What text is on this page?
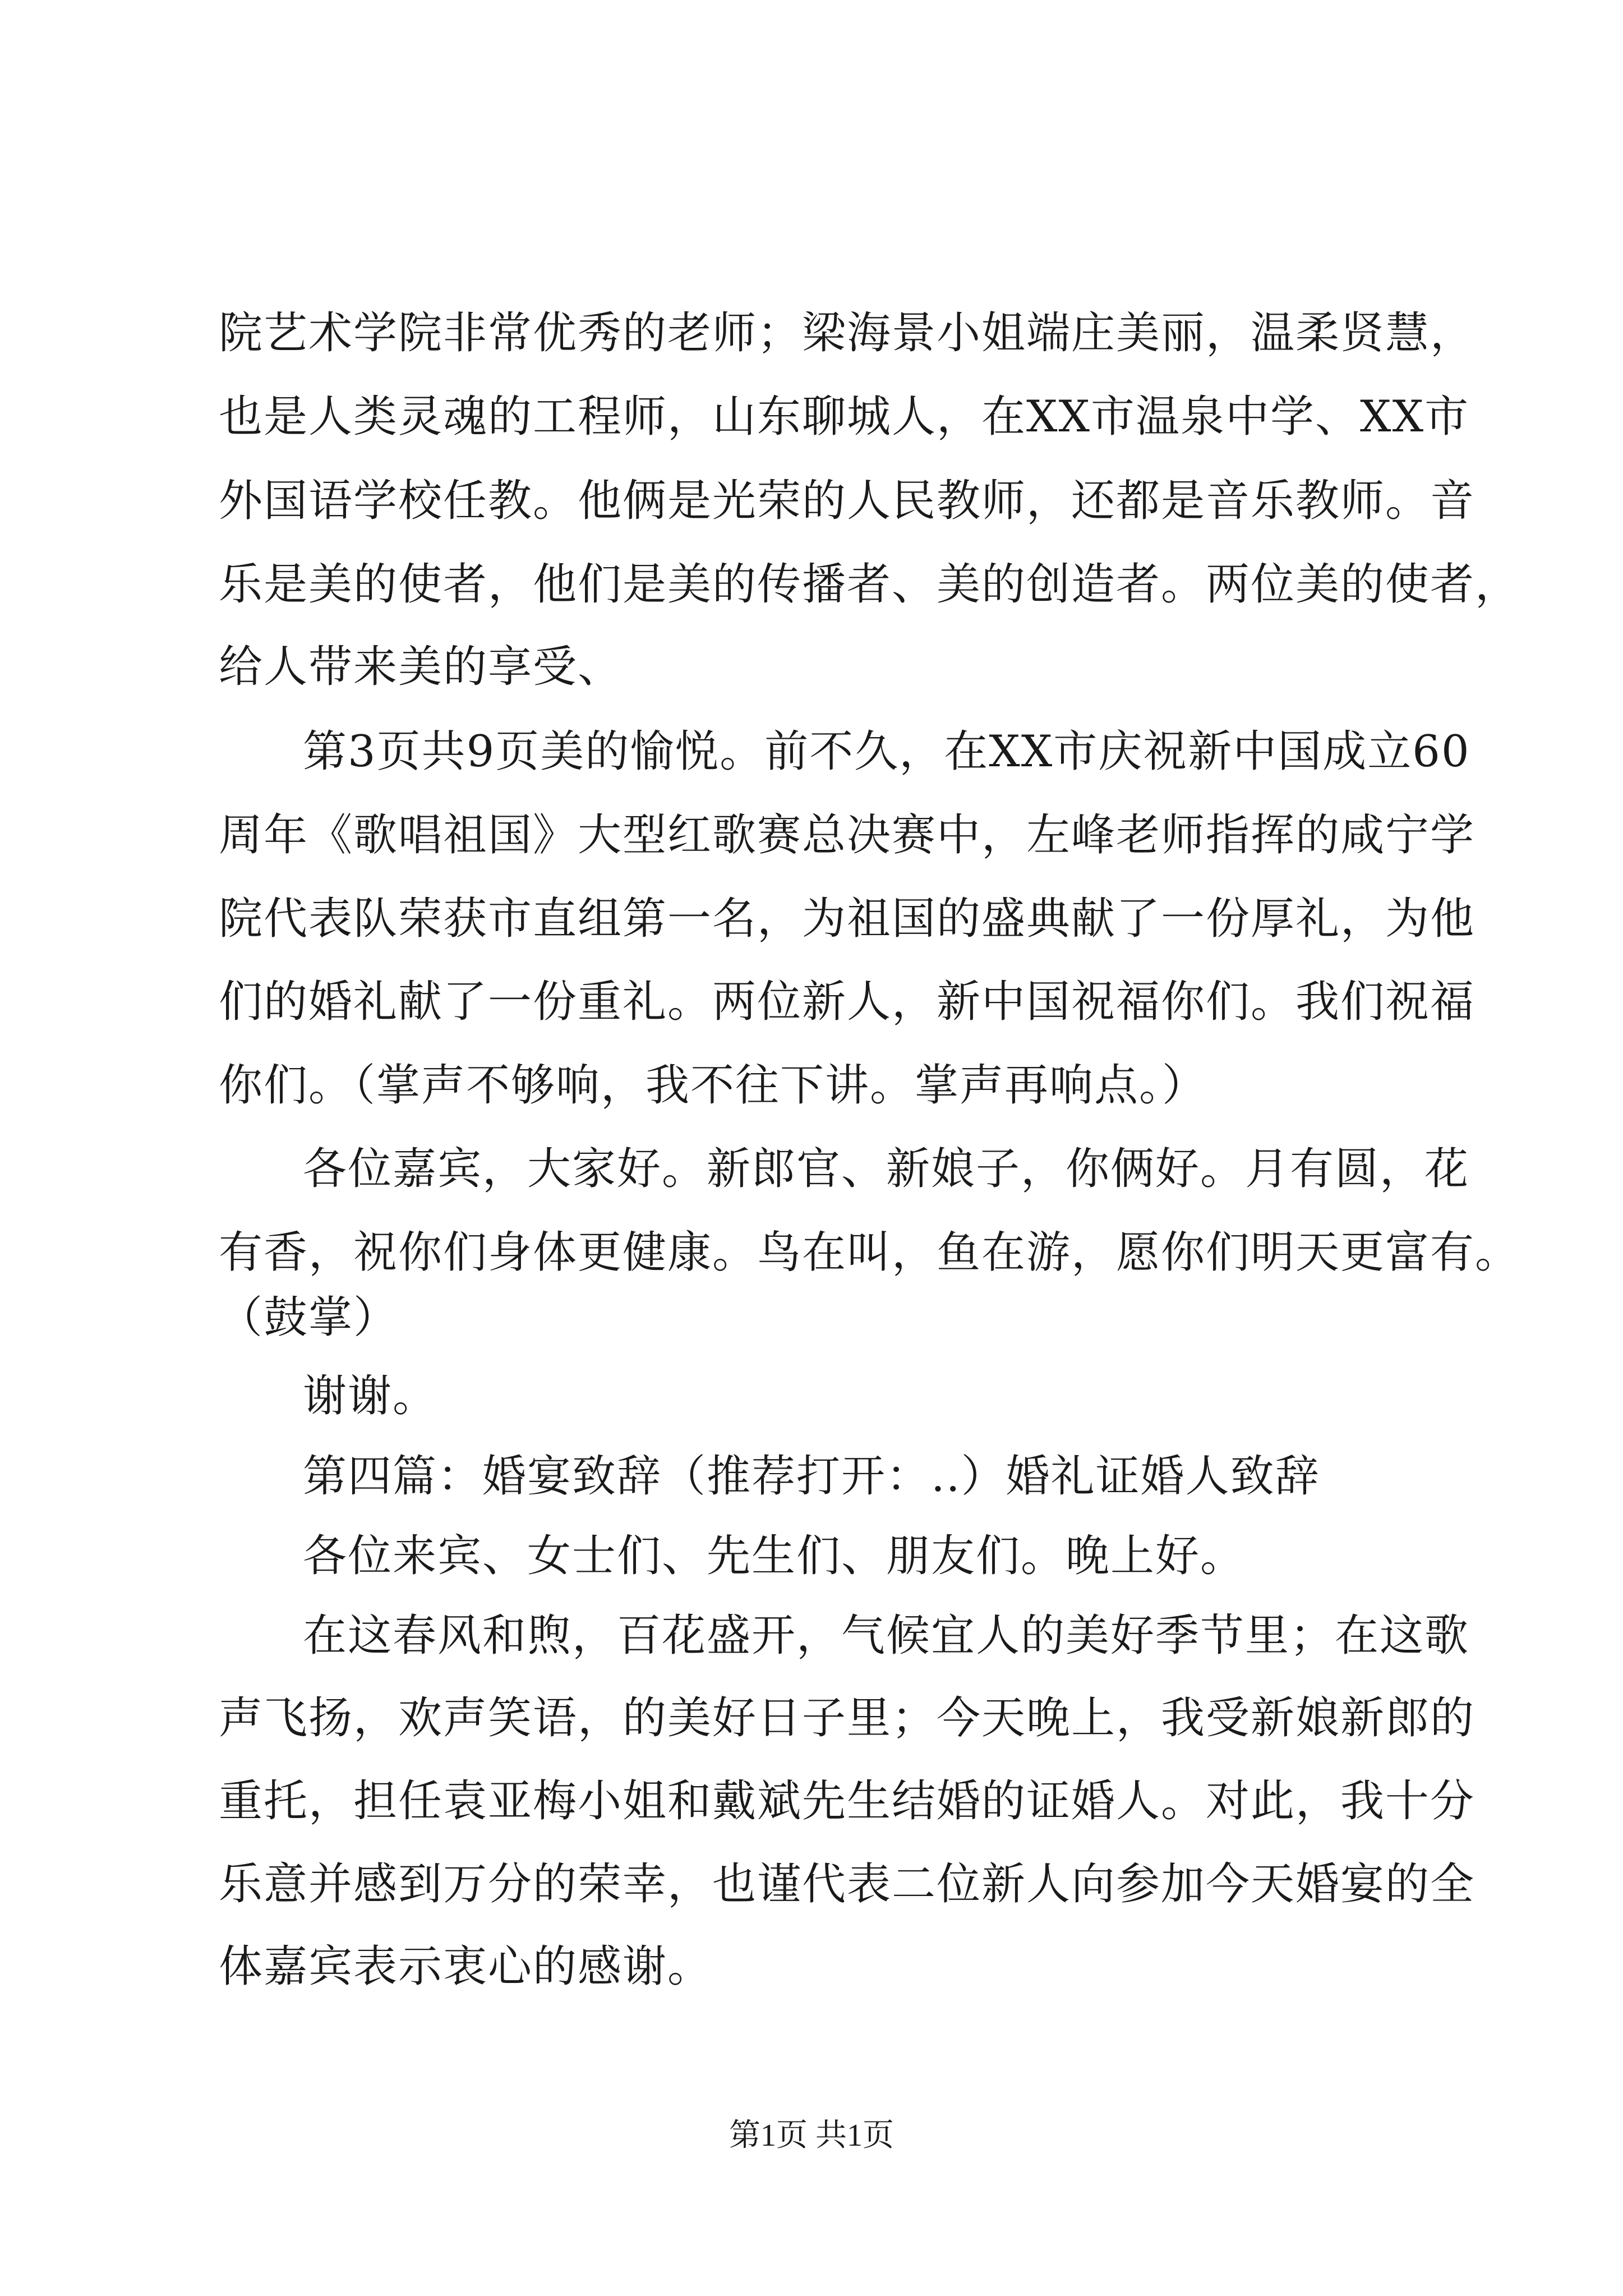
院艺术学院非常优秀的老师；梁海景小姐端庄美丽，温柔贤慧，
也是人类灵魂的工程师，山东聊城人，在XX市温泉中学、XX市
外国语学校任教。他俩是光荣的人民教师，还都是音乐教师。音
乐是美的使者，他们是美的传播者、美的创造者。两位美的使者，
给人带来美的享受、
第3页共9页美的愉悦。前不久，在XX市庆祝新中国成立60
周年《歌唱祖国》大型红歌赛总决赛中，左峰老师指挥的咸宁学
院代表队荣获市直组第一名，为祖国的盛典献了一份厚礼，为他
们的婚礼献了一份重礼。两位新人，新中国祝福你们。我们祝福
你们。（掌声不够响，我不往下讲。掌声再响点。）
各位嘉宾，大家好。新郎官、新娘子，你俩好。月有圆，花
有香，祝你们身体更健康。鸟在叫，鱼在游，愿你们明天更富有。
（鼓掌）
谢谢。
第四篇：婚宴致辞（推荐打开：..）婚礼证婚人致辞
各位来宾、女士们、先生们、朋友们。晚上好。
在这春风和煦，百花盛开，气候宜人的美好季节里；在这歌
声飞扬，欢声笑语，的美好日子里；今天晚上，我受新娘新郎的
重托，担任袁亚梅小姐和戴斌先生结婚的证婚人。对此，我十分
乐意并感到万分的荣幸，也谨代表二位新人向参加今天婚宴的全
体嘉宾表示衷心的感谢。
第1页 共1页
